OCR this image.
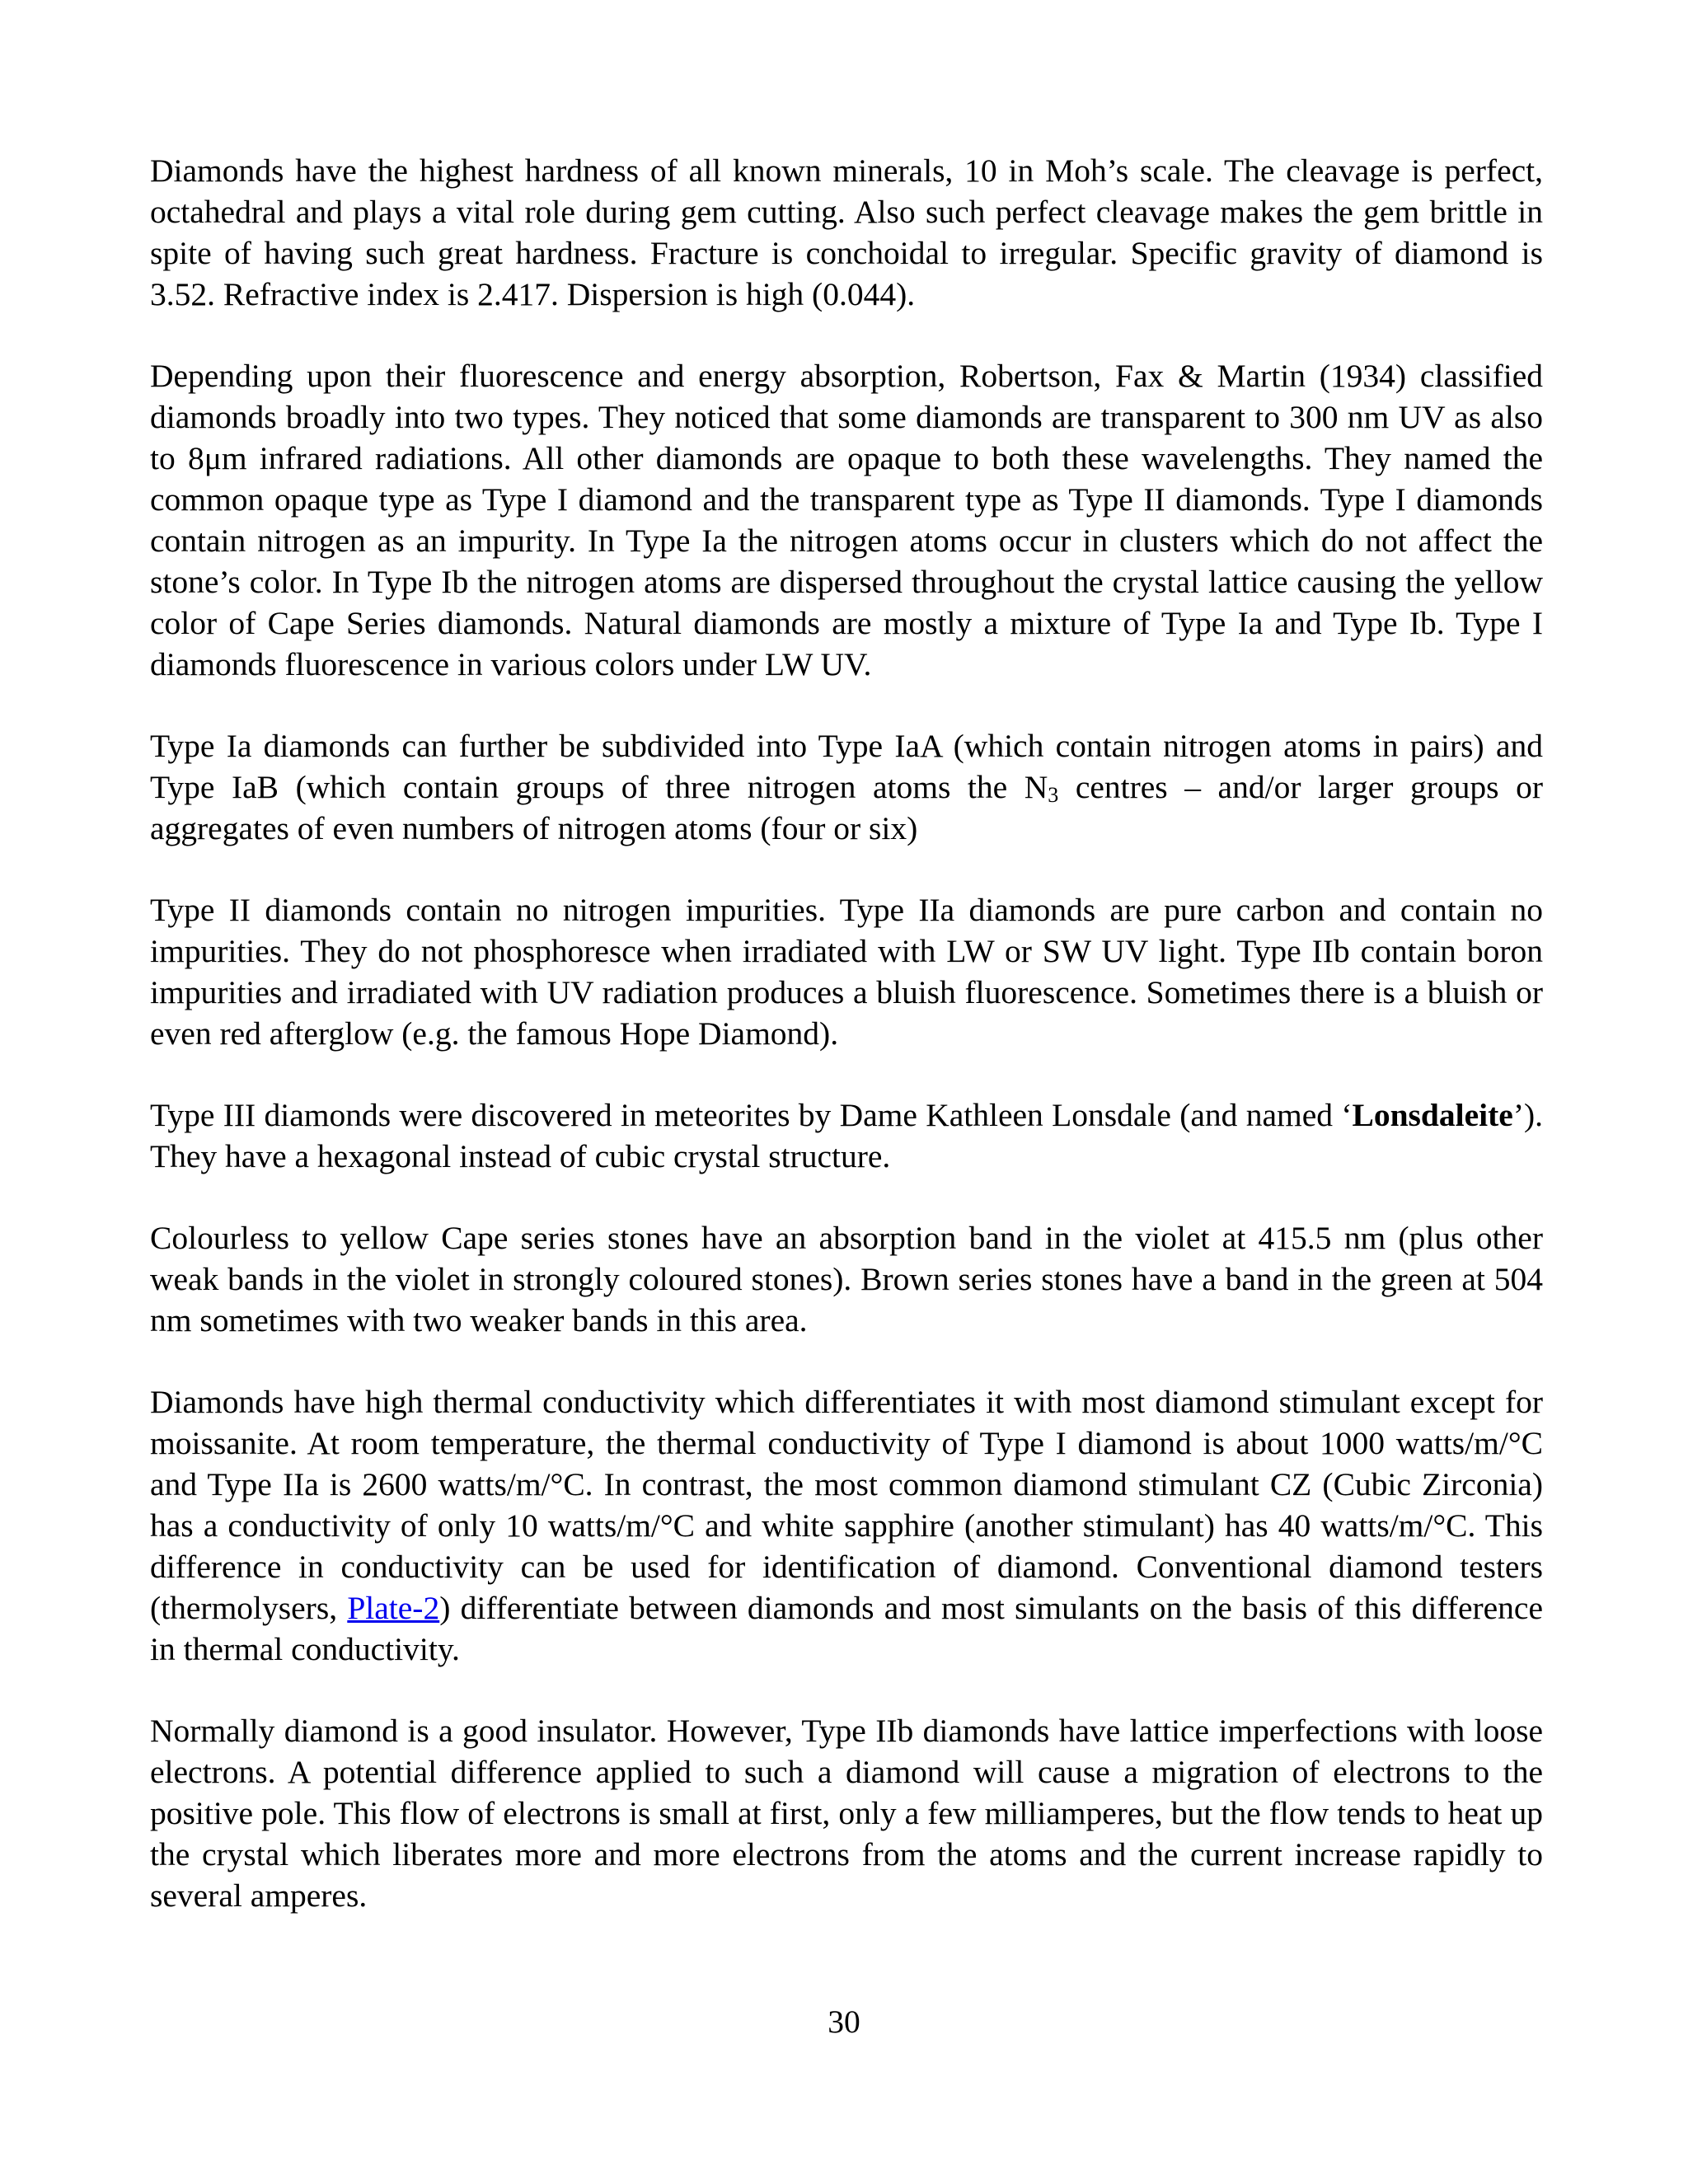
Diamonds have the highest hardness of all known minerals, 10 in Moh’s scale. The cleavage is perfect, octahedral and plays a vital role during gem cutting. Also such perfect cleavage makes the gem brittle in spite of having such great hardness. Fracture is conchoidal to irregular. Specific gravity of diamond is 3.52. Refractive index is 2.417. Dispersion is high (0.044).

Depending upon their fluorescence and energy absorption, Robertson, Fax & Martin (1934) classified diamonds broadly into two types. They noticed that some diamonds are transparent to 300 nm UV as also to 8μm infrared radiations. All other diamonds are opaque to both these wavelengths. They named the common opaque type as Type I diamond and the transparent type as Type II diamonds. Type I diamonds contain nitrogen as an impurity. In Type Ia the nitrogen atoms occur in clusters which do not affect the stone’s color. In Type Ib the nitrogen atoms are dispersed throughout the crystal lattice causing the yellow color of Cape Series diamonds. Natural diamonds are mostly a mixture of Type Ia and Type Ib. Type I diamonds fluorescence in various colors under LW UV.

Type Ia diamonds can further be subdivided into Type IaA (which contain nitrogen atoms in pairs) and Type IaB (which contain groups of three nitrogen atoms the N3 centres – and/or larger groups or aggregates of even numbers of nitrogen atoms (four or six)

Type II diamonds contain no nitrogen impurities. Type IIa diamonds are pure carbon and contain no impurities. They do not phosphoresce when irradiated with LW or SW UV light. Type IIb contain boron impurities and irradiated with UV radiation produces a bluish fluorescence. Sometimes there is a bluish or even red afterglow (e.g. the famous Hope Diamond).

Type III diamonds were discovered in meteorites by Dame Kathleen Lonsdale (and named ‘Lonsdaleite’). They have a hexagonal instead of cubic crystal structure.

Colourless to yellow Cape series stones have an absorption band in the violet at 415.5 nm (plus other weak bands in the violet in strongly coloured stones). Brown series stones have a band in the green at 504 nm sometimes with two weaker bands in this area.

Diamonds have high thermal conductivity which differentiates it with most diamond stimulant except for moissanite. At room temperature, the thermal conductivity of Type I diamond is about 1000 watts/m/°C and Type IIa is 2600 watts/m/°C. In contrast, the most common diamond stimulant CZ (Cubic Zirconia) has a conductivity of only 10 watts/m/°C and white sapphire (another stimulant) has 40 watts/m/°C. This difference in conductivity can be used for identification of diamond. Conventional diamond testers (thermolysers, Plate-2) differentiate between diamonds and most simulants on the basis of this difference in thermal conductivity.

Normally diamond is a good insulator. However, Type IIb diamonds have lattice imperfections with loose electrons. A potential difference applied to such a diamond will cause a migration of electrons to the positive pole. This flow of electrons is small at first, only a few milliamperes, but the flow tends to heat up the crystal which liberates more and more electrons from the atoms and the current increase rapidly to several amperes.

30
